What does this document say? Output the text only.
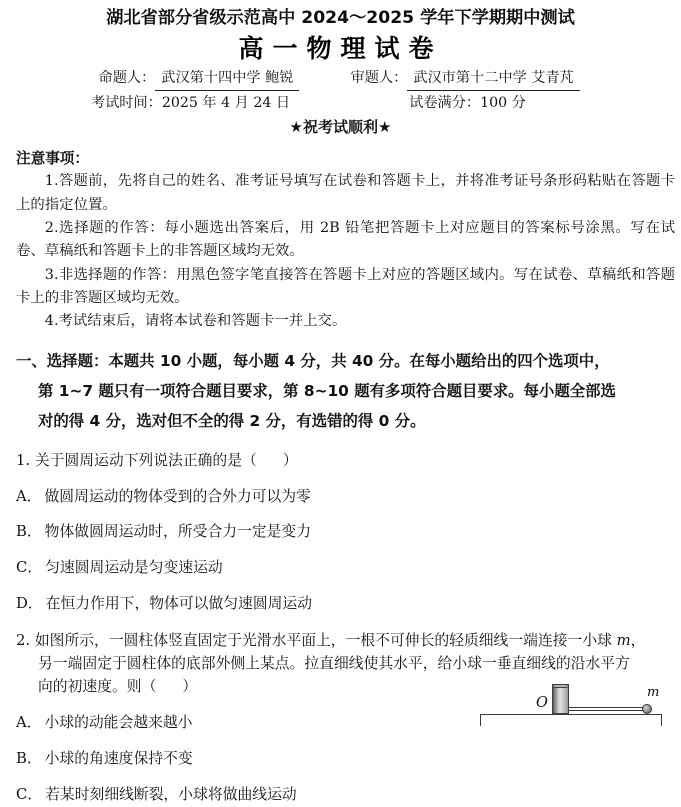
湖北省部分省级示范高中 2024～2025 学年下学期期中测试
高一物理试卷
命题人： 武汉第十四中学 鲍锐	审题人： 武汉市第十二中学 艾青芃
考试时间：2025 年 4 月 24 日	试卷满分：100 分
★祝考试顺利★
注意事项：

1.答题前，先将自己的姓名、准考证号填写在试卷和答题卡上，并将准考证号条形码粘贴在答题卡上的指定位置。

2.选择题的作答：每小题选出答案后，用 2B 铅笔把答题卡上对应题目的答案标号涂黑。写在试卷、草稿纸和答题卡上的非答题区域均无效。

3.非选择题的作答：用黑色签字笔直接答在答题卡上对应的答题区域内。写在试卷、草稿纸和答题卡上的非答题区域均无效。

4.考试结束后，请将本试卷和答题卡一并上交。

一、选择题：本题共 10 小题，每小题 4 分，共 40 分。在每小题给出的四个选项中，
第 1~7 题只有一项符合题目要求，第 8~10 题有多项符合题目要求。每小题全部选
对的得 4 分，选对但不全的得 2 分，有选错的得 0 分。
1. 关于圆周运动下列说法正确的是（ ）
A． 做圆周运动的物体受到的合外力可以为零
B． 物体做圆周运动时，所受合力一定是变力
C． 匀速圆周运动是匀变速运动
D． 在恒力作用下，物体可以做匀速圆周运动
2. 如图所示，一圆柱体竖直固定于光滑水平面上，一根不可伸长的轻质细线一端连接一小球 m，
另一端固定于圆柱体的底部外侧上某点。拉直细线使其水平，给小球一垂直细线的沿水平方
向的初速度。则（ ）
A． 小球的动能会越来越小
B． 小球的角速度保持不变
C． 若某时刻细线断裂，小球将做曲线运动
O
m
